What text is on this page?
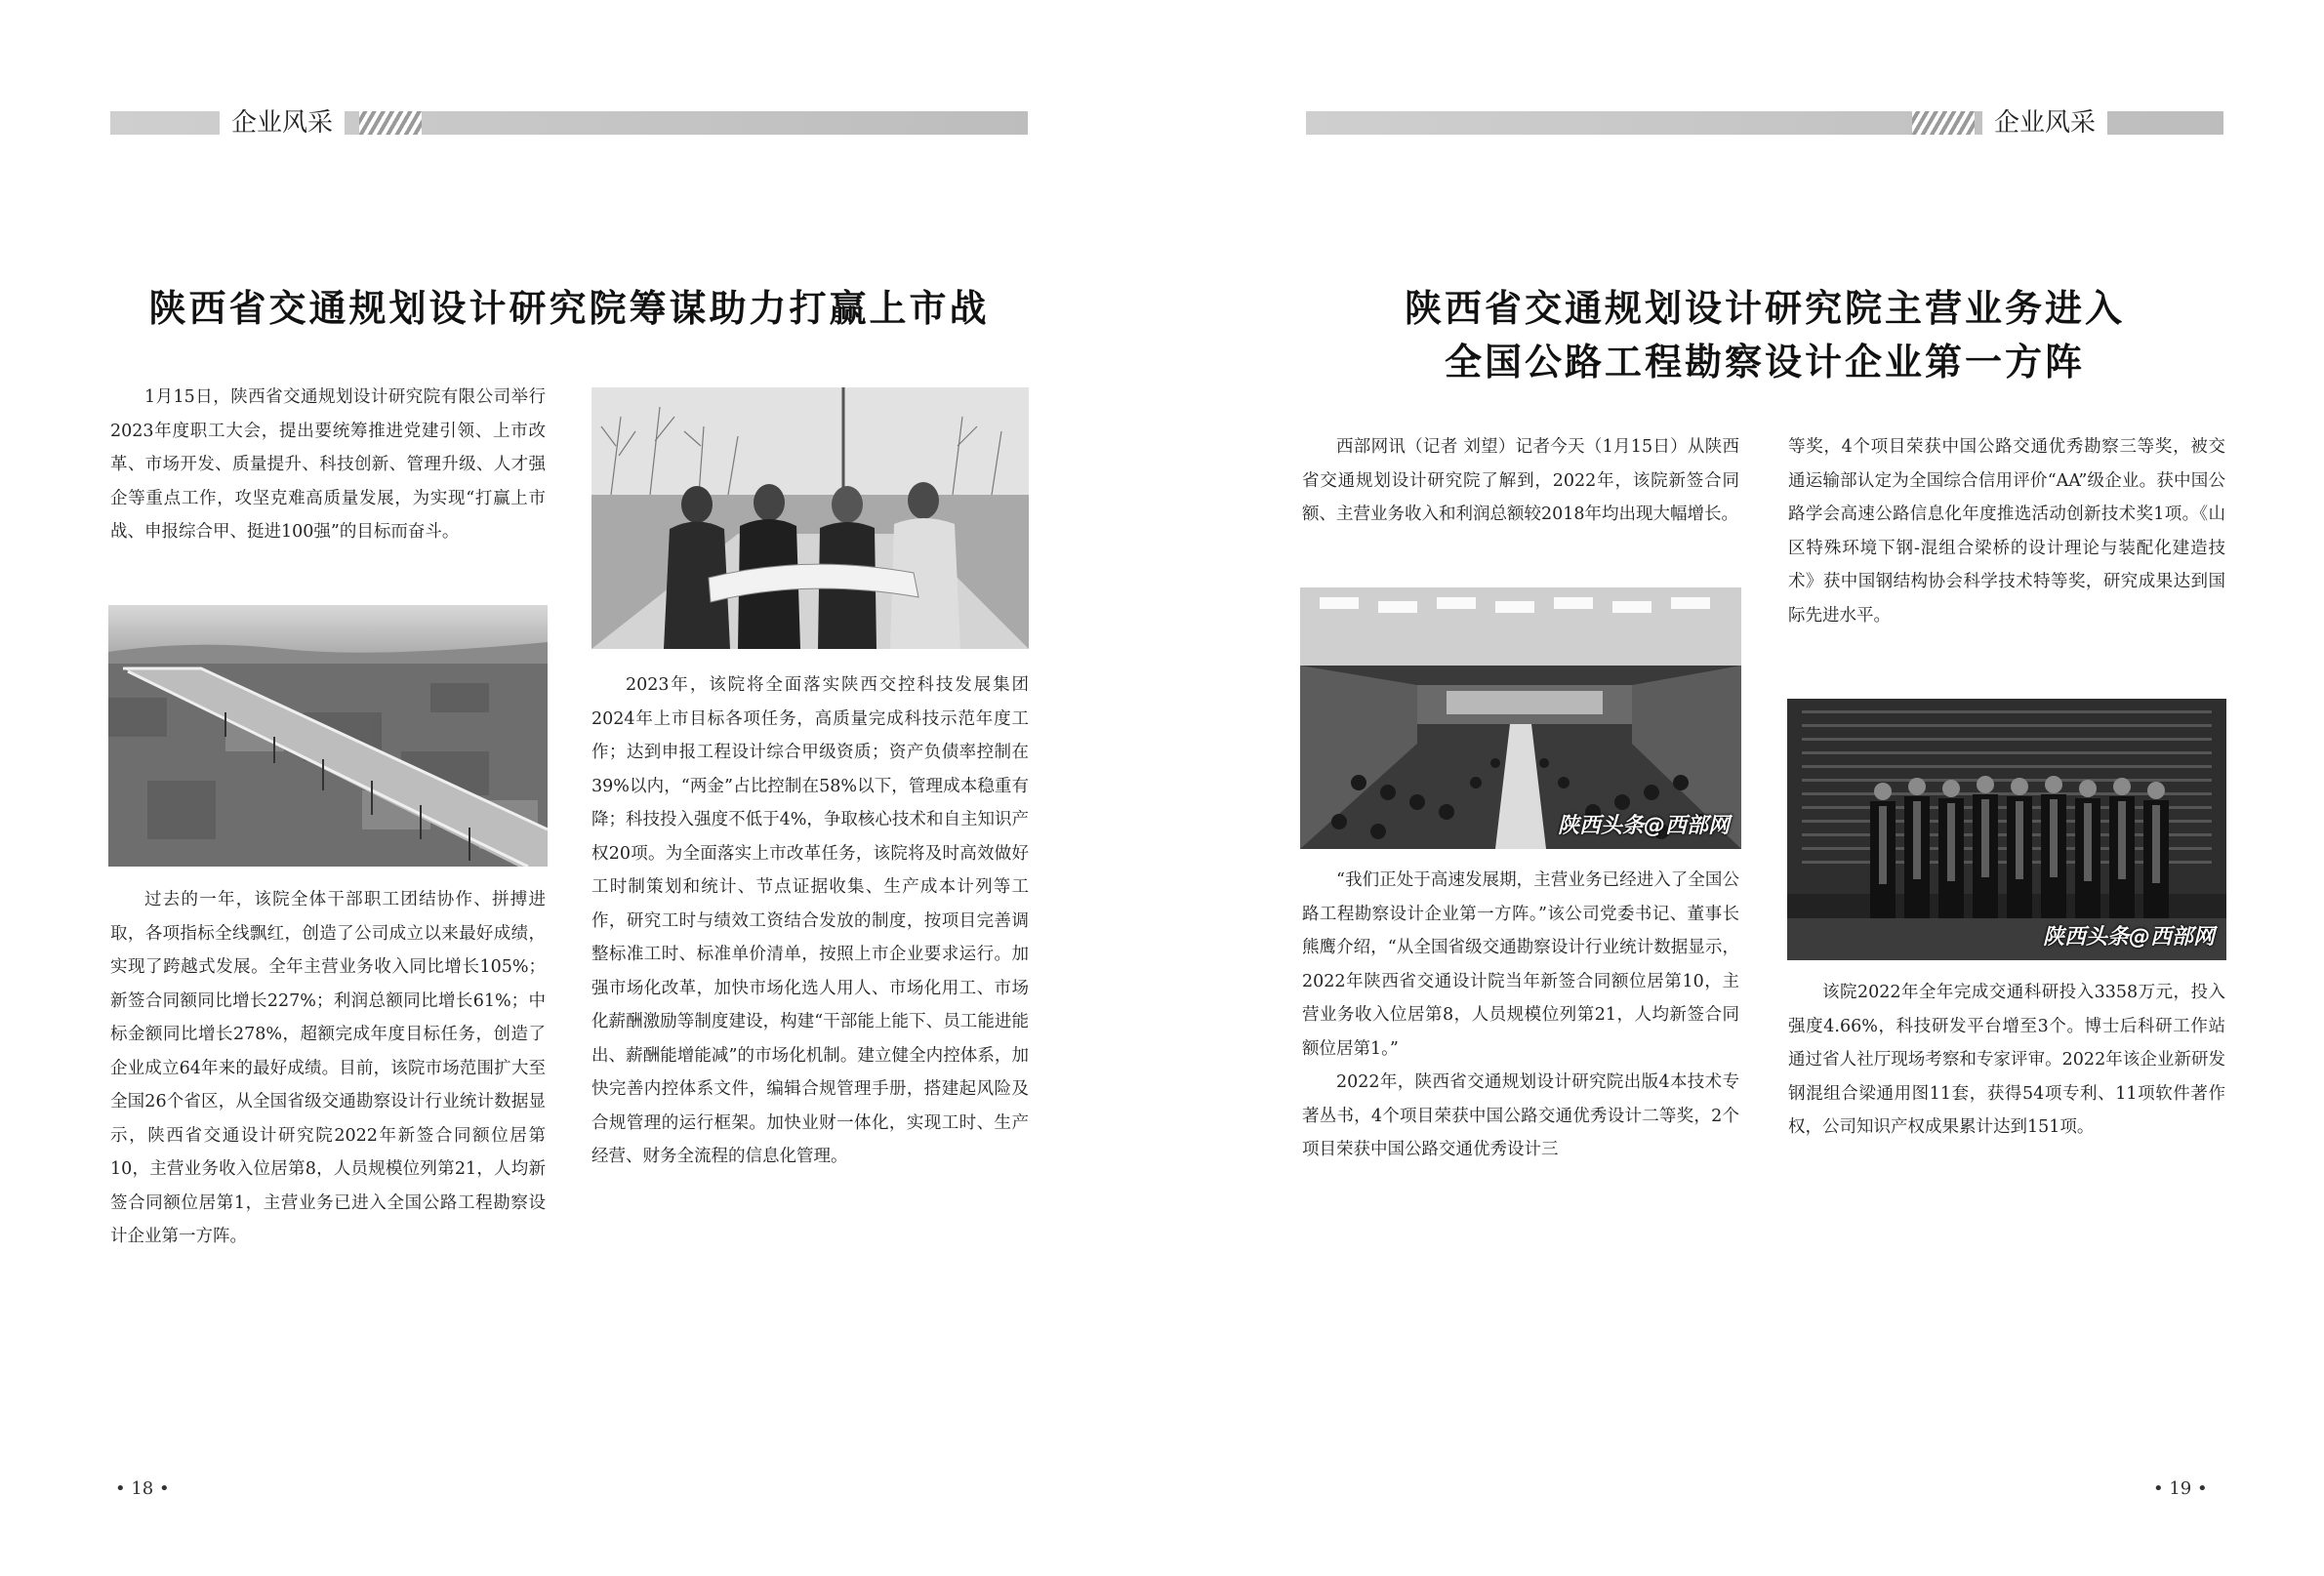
企业风采
陕西省交通规划设计研究院筹谋助力打赢上市战

1月15日，陕西省交通规划设计研究院有限公司举行2023年度职工大会，提出要统筹推进党建引领、上市改革、市场开发、质量提升、科技创新、管理升级、人才强企等重点工作，攻坚克难高质量发展，为实现“打赢上市战、申报综合甲、挺进100强”的目标而奋斗。

过去的一年，该院全体干部职工团结协作、拼搏进取，各项指标全线飘红，创造了公司成立以来最好成绩，实现了跨越式发展。全年主营业务收入同比增长105%；新签合同额同比增长227%；利润总额同比增长61%；中标金额同比增长278%，超额完成年度目标任务，创造了企业成立64年来的最好成绩。目前，该院市场范围扩大至全国26个省区，从全国省级交通勘察设计行业统计数据显示，陕西省交通设计研究院2022年新签合同额位居第10，主营业务收入位居第8，人员规模位列第21，人均新签合同额位居第1，主营业务已进入全国公路工程勘察设计企业第一方阵。

2023年，该院将全面落实陕西交控科技发展集团2024年上市目标各项任务，高质量完成科技示范年度工作；达到申报工程设计综合甲级资质；资产负债率控制在39%以内，“两金”占比控制在58%以下，管理成本稳重有降；科技投入强度不低于4%，争取核心技术和自主知识产权20项。为全面落实上市改革任务，该院将及时高效做好工时制策划和统计、节点证据收集、生产成本计列等工作，研究工时与绩效工资结合发放的制度，按项目完善调整标准工时、标准单价清单，按照上市企业要求运行。加强市场化改革，加快市场化选人用人、市场化用工、市场化薪酬激励等制度建设，构建“干部能上能下、员工能进能出、薪酬能增能减”的市场化机制。建立健全内控体系，加快完善内控体系文件，编辑合规管理手册，搭建起风险及合规管理的运行框架。加快业财一体化，实现工时、生产经营、财务全流程的信息化管理。

• 18 •
企业风采
陕西省交通规划设计研究院主营业务进入
全国公路工程勘察设计企业第一方阵

西部网讯（记者 刘望）记者今天（1月15日）从陕西省交通规划设计研究院了解到，2022年，该院新签合同额、主营业务收入和利润总额较2018年均出现大幅增长。

陕西头条@西部网

“我们正处于高速发展期，主营业务已经进入了全国公路工程勘察设计企业第一方阵。”该公司党委书记、董事长熊鹰介绍，“从全国省级交通勘察设计行业统计数据显示，2022年陕西省交通设计院当年新签合同额位居第10，主营业务收入位居第8，人员规模位列第21，人均新签合同额位居第1。”

2022年，陕西省交通规划设计研究院出版4本技术专著丛书，4个项目荣获中国公路交通优秀设计二等奖，2个项目荣获中国公路交通优秀设计三

等奖，4个项目荣获中国公路交通优秀勘察三等奖，被交通运输部认定为全国综合信用评价“AA”级企业。获中国公路学会高速公路信息化年度推选活动创新技术奖1项。《山区特殊环境下钢-混组合梁桥的设计理论与装配化建造技术》获中国钢结构协会科学技术特等奖，研究成果达到国际先进水平。

陕西头条@西部网

该院2022年全年完成交通科研投入3358万元，投入强度4.66%，科技研发平台增至3个。博士后科研工作站通过省人社厅现场考察和专家评审。2022年该企业新研发钢混组合梁通用图11套，获得54项专利、11项软件著作权，公司知识产权成果累计达到151项。

• 19 •
